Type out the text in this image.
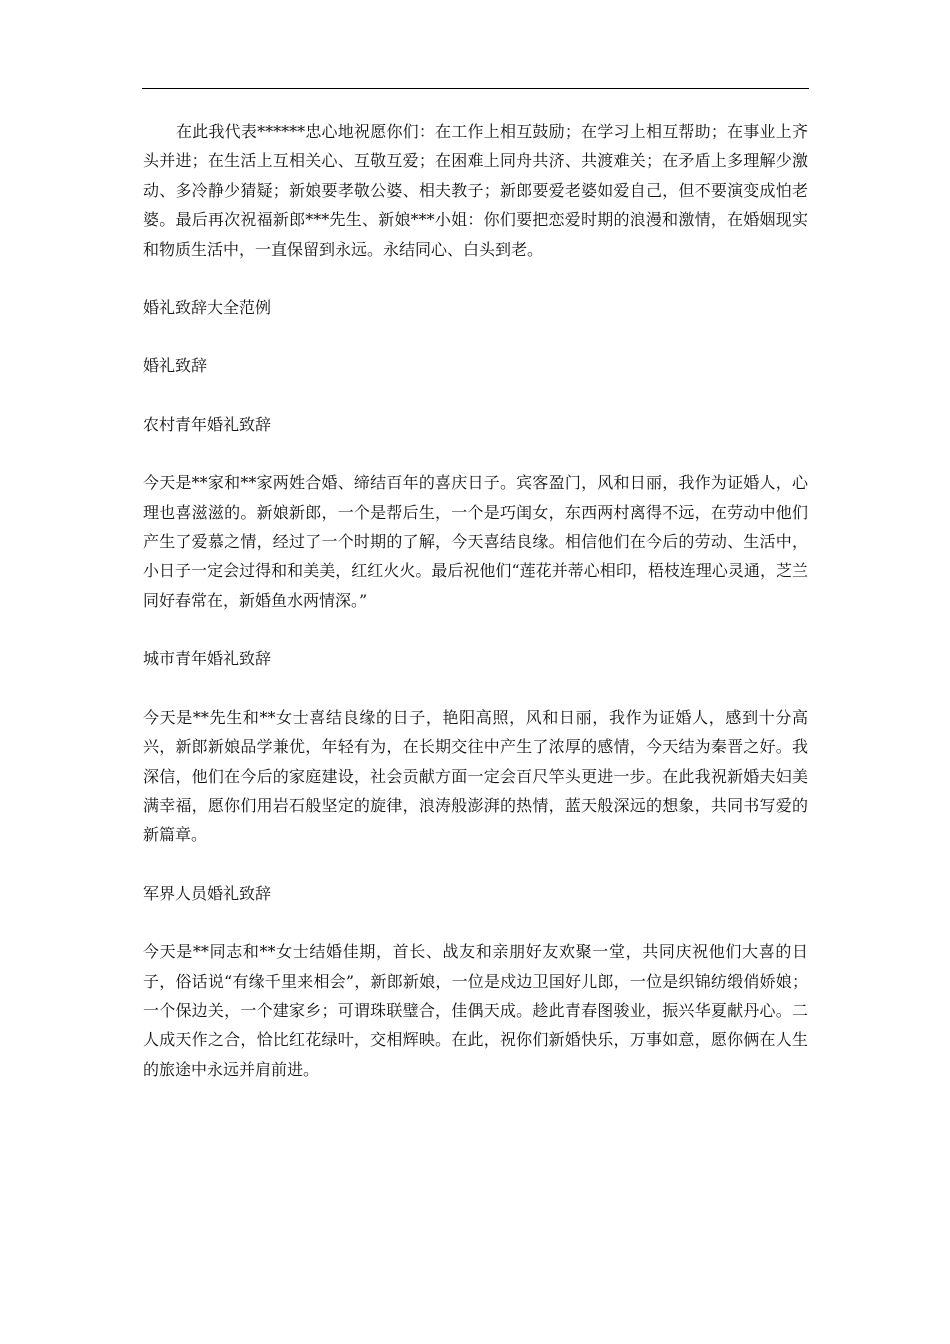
在此我代表******忠心地祝愿你们：在工作上相互鼓励；在学习上相互帮助；在事业上齐头并进；在生活上互相关心、互敬互爱；在困难上同舟共济、共渡难关；在矛盾上多理解少激动、多冷静少猜疑；新娘要孝敬公婆、相夫教子；新郎要爱老婆如爱自己，但不要演变成怕老婆。最后再次祝福新郎***先生、新娘***小姐：你们要把恋爱时期的浪漫和激情，在婚姻现实和物质生活中，一直保留到永远。永结同心、白头到老。

婚礼致辞大全范例

婚礼致辞

农村青年婚礼致辞

今天是**家和**家两姓合婚、缔结百年的喜庆日子。宾客盈门，风和日丽，我作为证婚人，心理也喜滋滋的。新娘新郎，一个是帮后生，一个是巧闺女，东西两村离得不远，在劳动中他们产生了爱慕之情，经过了一个时期的了解，今天喜结良缘。相信他们在今后的劳动、生活中，小日子一定会过得和和美美，红红火火。最后祝他们“莲花并蒂心相印，梧枝连理心灵通，芝兰同好春常在，新婚鱼水两情深。”

城市青年婚礼致辞

今天是**先生和**女士喜结良缘的日子，艳阳高照，风和日丽，我作为证婚人，感到十分高兴，新郎新娘品学兼优，年轻有为，在长期交往中产生了浓厚的感情，今天结为秦晋之好。我深信，他们在今后的家庭建设，社会贡献方面一定会百尺竿头更进一步。在此我祝新婚夫妇美满幸福，愿你们用岩石般坚定的旋律，浪涛般澎湃的热情，蓝天般深远的想象，共同书写爱的新篇章。

军界人员婚礼致辞

今天是**同志和**女士结婚佳期，首长、战友和亲朋好友欢聚一堂，共同庆祝他们大喜的日子，俗话说“有缘千里来相会”，新郎新娘，一位是戍边卫国好儿郎，一位是织锦纺缎俏娇娘；一个保边关，一个建家乡；可谓珠联璧合，佳偶天成。趁此青春图骏业，振兴华夏献丹心。二人成天作之合，恰比红花绿叶，交相辉映。在此，祝你们新婚快乐，万事如意，愿你俩在人生的旅途中永远并肩前进。
